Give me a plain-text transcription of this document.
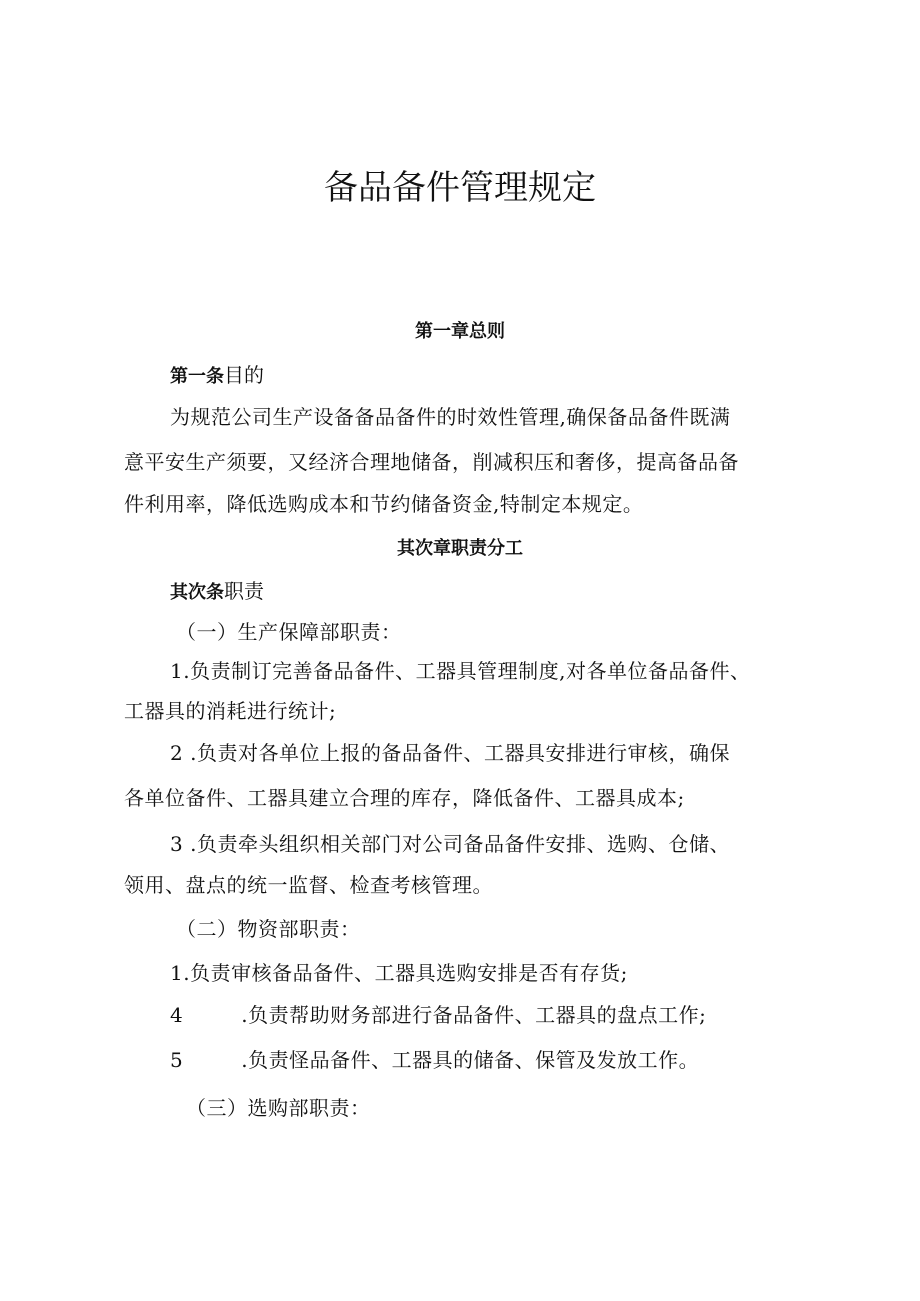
备品备件管理规定
第一章总则
第一条目的
为规范公司生产设备备品备件的时效性管理,确保备品备件既满
意平安生产须要，又经济合理地储备，削减积压和奢侈，提高备品备
件利用率，降低选购成本和节约储备资金,特制定本规定。
其次章职责分工
其次条职责
（一）生产保障部职责：
1.负责制订完善备品备件、工器具管理制度,对各单位备品备件、
工器具的消耗进行统计;
2 .负责对各单位上报的备品备件、工器具安排进行审核，确保
各单位备件、工器具建立合理的库存，降低备件、工器具成本;
3 .负责牵头组织相关部门对公司备品备件安排、选购、仓储、
领用、盘点的统一监督、检查考核管理。
（二）物资部职责：
1.负责审核备品备件、工器具选购安排是否有存货;
4	.负责帮助财务部进行备品备件、工器具的盘点工作;
5	.负责怪品备件、工器具的储备、保管及发放工作。
（三）选购部职责：
